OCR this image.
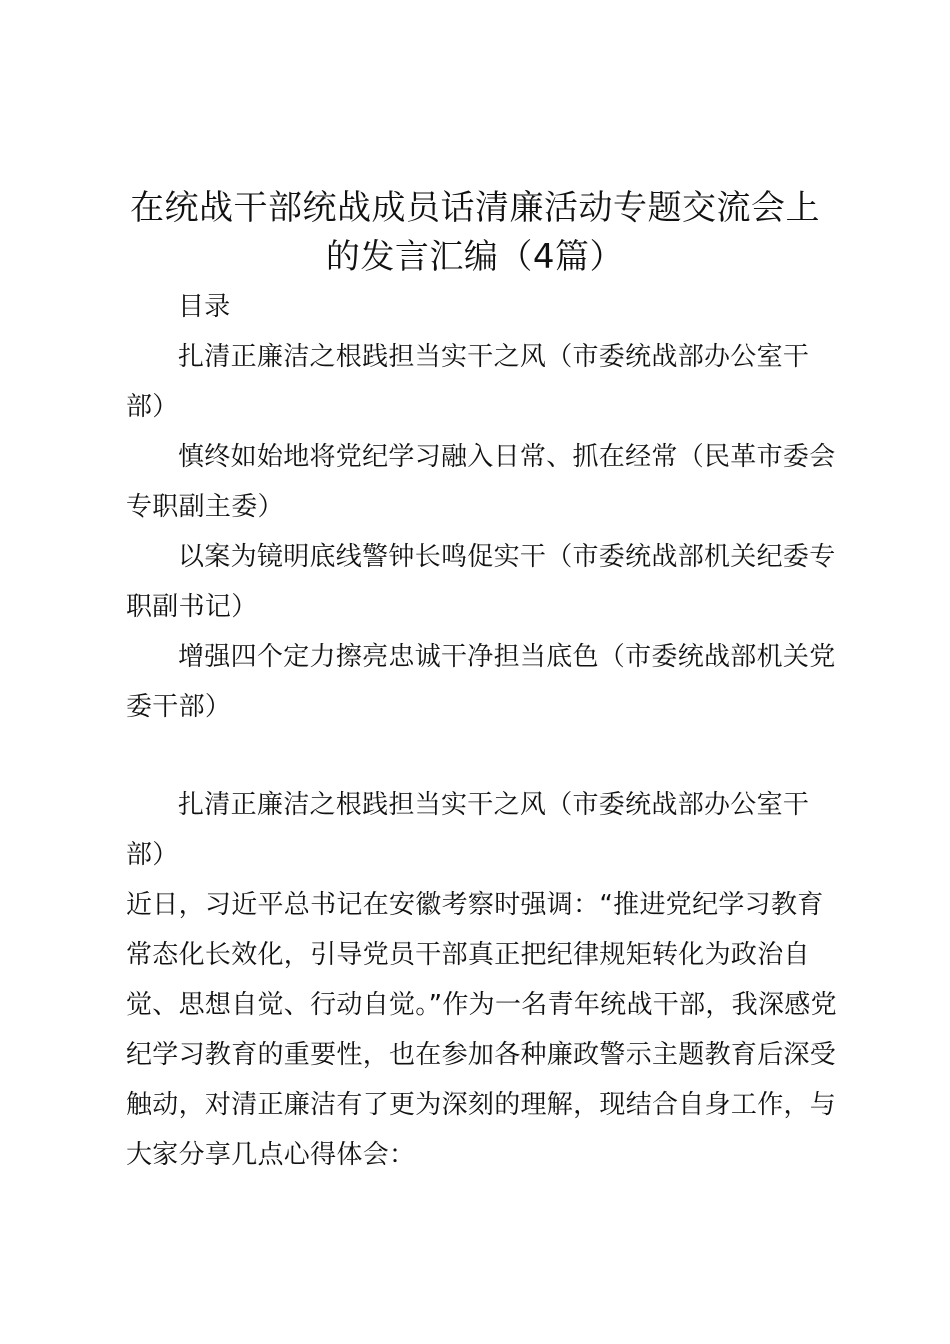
在统战干部统战成员话清廉活动专题交流会上
的发言汇编（4篇）

目录

扎清正廉洁之根践担当实干之风（市委统战部办公室干部）

慎终如始地将党纪学习融入日常、抓在经常（民革市委会专职副主委）

以案为镜明底线警钟长鸣促实干（市委统战部机关纪委专职副书记）

增强四个定力擦亮忠诚干净担当底色（市委统战部机关党委干部）

扎清正廉洁之根践担当实干之风（市委统战部办公室干部）

近日，习近平总书记在安徽考察时强调：“推进党纪学习教育常态化长效化，引导党员干部真正把纪律规矩转化为政治自觉、思想自觉、行动自觉。”作为一名青年统战干部，我深感党纪学习教育的重要性，也在参加各种廉政警示主题教育后深受触动，对清正廉洁有了更为深刻的理解，现结合自身工作，与大家分享几点心得体会：
